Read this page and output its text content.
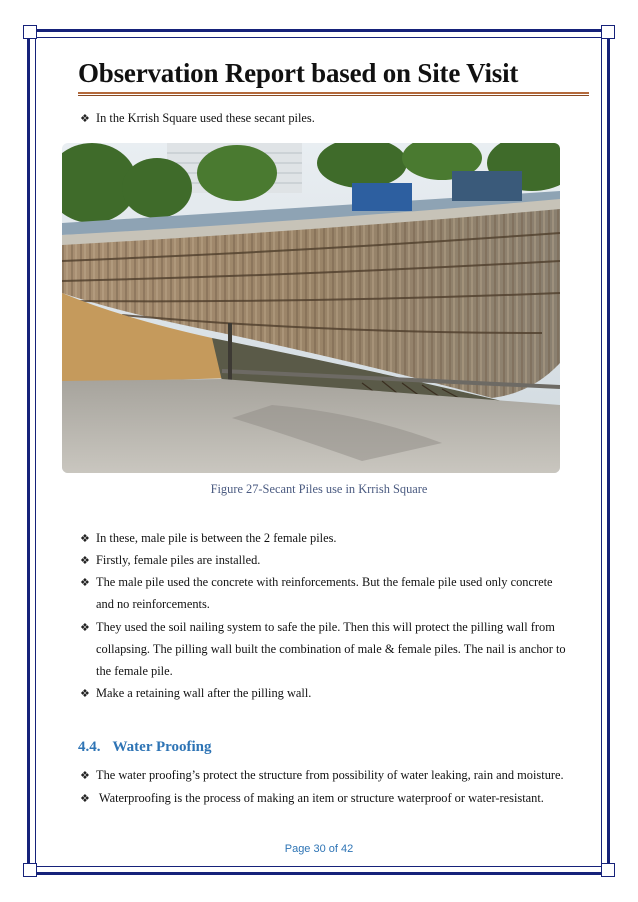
Observation Report based on Site Visit
❖ In the Krrish Square used these secant piles.
Figure 27-Secant Piles use in Krrish Square
❖ In these, male pile is between the 2 female piles.
❖ Firstly, female piles are installed.
❖ The male pile used the concrete with reinforcements. But the female pile used only concrete
and no reinforcements.
❖ They used the soil nailing system to safe the pile. Then this will protect the pilling wall from
collapsing. The pilling wall built the combination of male & female piles. The nail is anchor to
the female pile.
❖ Make a retaining wall after the pilling wall.
4.4. Water Proofing
❖ The water proofing’s protect the structure from possibility of water leaking, rain and moisture.
❖ Waterproofing is the process of making an item or structure waterproof or water-resistant.
Page 30 of 42
